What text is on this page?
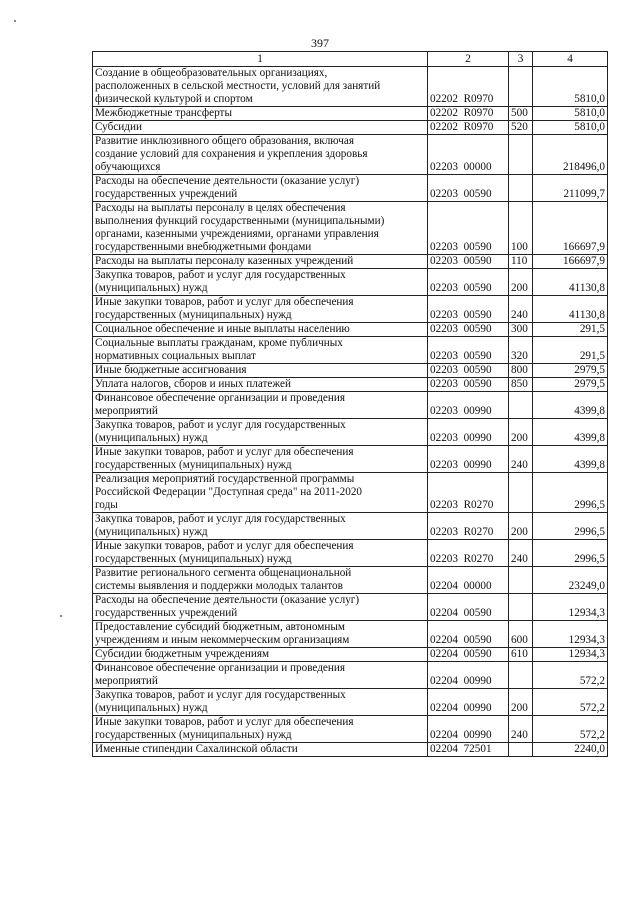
397
1	2	3	4
Создание в общеобразовательных организациях,
расположенных в сельской местности, условий для занятий
физической культурой и спортом	02202  R0970		5810,0
Межбюджетные трансферты	02202  R0970	500	5810,0
Субсидии	02202  R0970	520	5810,0
Развитие инклюзивного общего образования, включая
создание условий для сохранения и укрепления здоровья
обучающихся	02203  00000		218496,0
Расходы на обеспечение деятельности (оказание услуг)
государственных учреждений	02203  00590		211099,7
Расходы на выплаты персоналу в целях обеспечения
выполнения функций государственными (муниципальными)
органами, казенными учреждениями, органами управления
государственными внебюджетными фондами	02203  00590	100	166697,9
Расходы на выплаты персоналу казенных учреждений	02203  00590	110	166697,9
Закупка товаров, работ и услуг для государственных
(муниципальных) нужд	02203  00590	200	41130,8
Иные закупки товаров, работ и услуг для обеспечения
государственных (муниципальных) нужд	02203  00590	240	41130,8
Социальное обеспечение и иные выплаты населению	02203  00590	300	291,5
Социальные выплаты гражданам, кроме публичных
нормативных социальных выплат	02203  00590	320	291,5
Иные бюджетные ассигнования	02203  00590	800	2979,5
Уплата налогов, сборов и иных платежей	02203  00590	850	2979,5
Финансовое обеспечение организации и проведения
мероприятий	02203  00990		4399,8
Закупка товаров, работ и услуг для государственных
(муниципальных) нужд	02203  00990	200	4399,8
Иные закупки товаров, работ и услуг для обеспечения
государственных (муниципальных) нужд	02203  00990	240	4399,8
Реализация мероприятий государственной программы
Российской Федерации "Доступная среда" на 2011-2020
годы	02203  R0270		2996,5
Закупка товаров, работ и услуг для государственных
(муниципальных) нужд	02203  R0270	200	2996,5
Иные закупки товаров, работ и услуг для обеспечения
государственных (муниципальных) нужд	02203  R0270	240	2996,5
Развитие регионального сегмента общенациональной
системы выявления и поддержки молодых талантов	02204  00000		23249,0
Расходы на обеспечение деятельности (оказание услуг)
государственных учреждений	02204  00590		12934,3
Предоставление субсидий бюджетным, автономным
учреждениям и иным некоммерческим организациям	02204  00590	600	12934,3
Субсидии бюджетным учреждениям	02204  00590	610	12934,3
Финансовое обеспечение организации и проведения
мероприятий	02204  00990		572,2
Закупка товаров, работ и услуг для государственных
(муниципальных) нужд	02204  00990	200	572,2
Иные закупки товаров, работ и услуг для обеспечения
государственных (муниципальных) нужд	02204  00990	240	572,2
Именные стипендии Сахалинской области	02204  72501		2240,0
